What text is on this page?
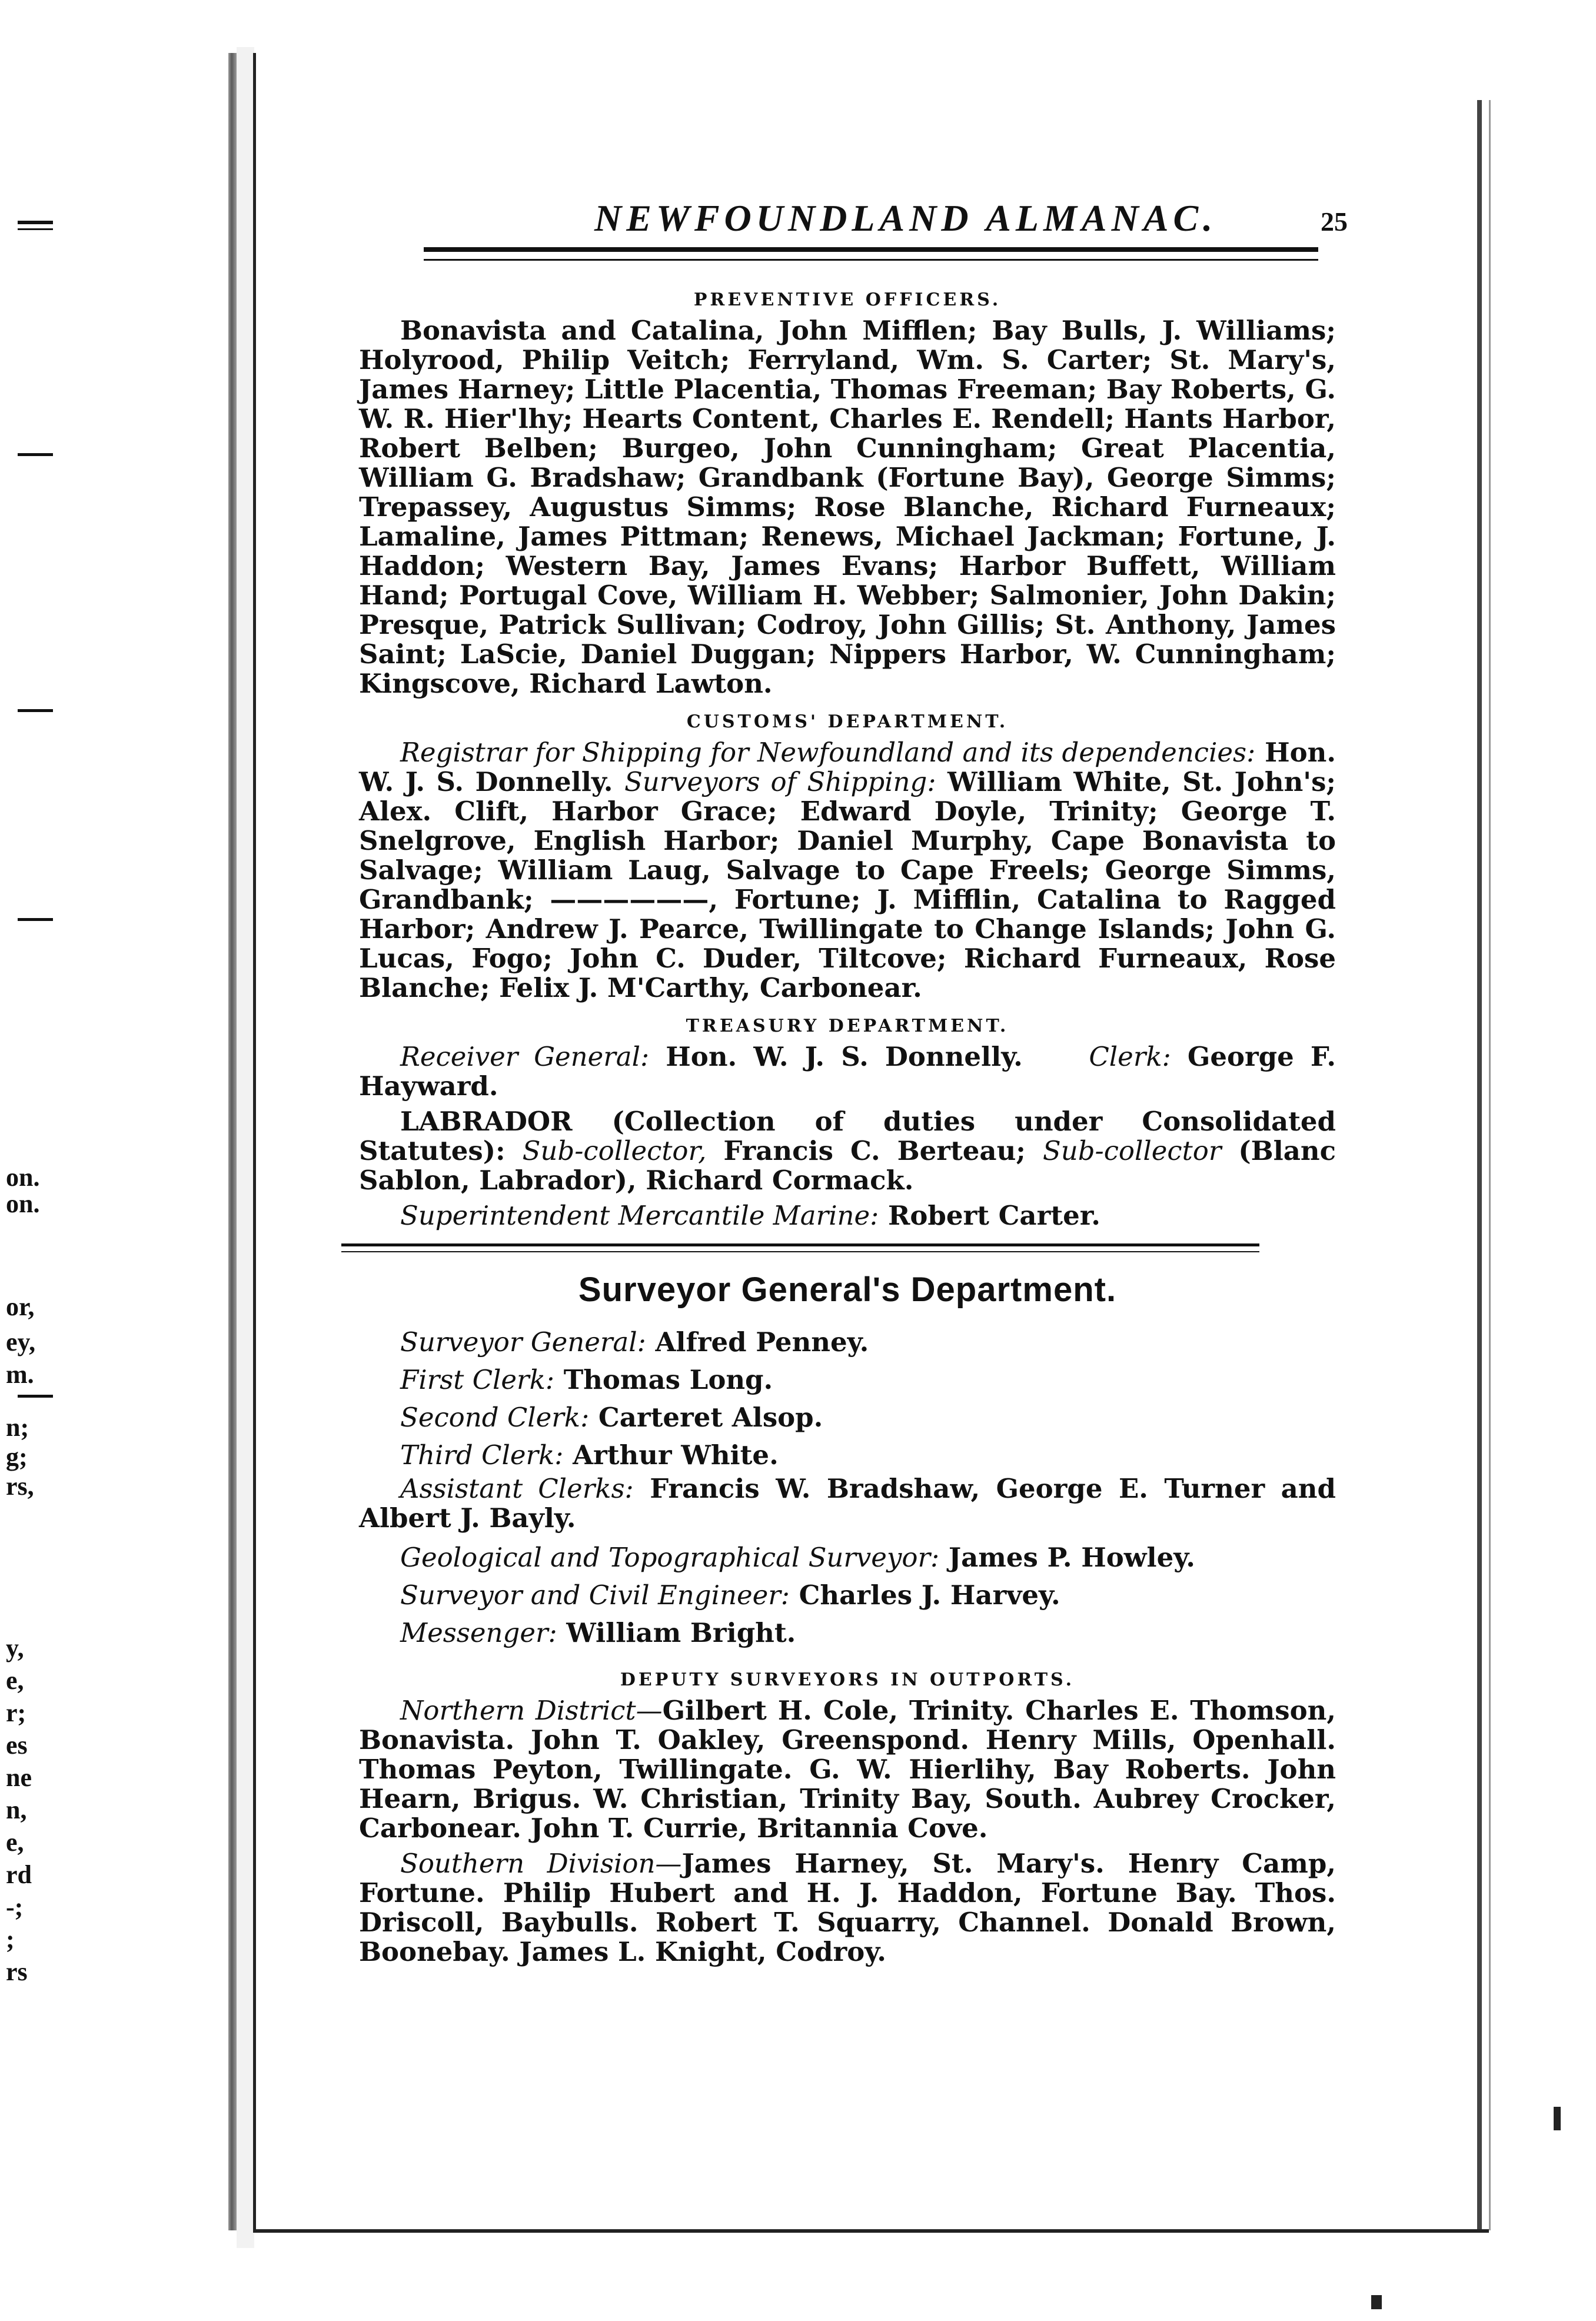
on.
on.
or,
ey,
m.
n;
g;
rs,
y,
e,
r;
es
ne
n,
e,
rd
-;
;
rs
NEWFOUNDLAND ALMANAC.	25
PREVENTIVE OFFICERS.

Bonavista and Catalina, John Mifflen; Bay Bulls, J. Williams; Holyrood, Philip Veitch; Ferryland, Wm. S. Carter; St. Mary's, James Harney; Little Placentia, Thomas Freeman; Bay Roberts, G. W. R. Hier'lhy; Hearts Content, Charles E. Rendell; Hants Harbor, Robert Belben; Burgeo, John Cunningham; Great Placentia, William G. Bradshaw; Grandbank (Fortune Bay), George Simms; Trepassey, Augustus Simms; Rose Blanche, Richard Furneaux; Lamaline, James Pittman; Renews, Michael Jackman; Fortune, J. Haddon; Western Bay, James Evans; Harbor Buffett, William Hand; Portugal Cove, William H. Webber; Salmonier, John Dakin; Presque, Patrick Sullivan; Codroy, John Gillis; St. Anthony, James Saint; LaScie, Daniel Duggan; Nippers Harbor, W. Cunningham; Kingscove, Richard Lawton.

CUSTOMS' DEPARTMENT.

Registrar for Shipping for Newfoundland and its dependencies: Hon. W. J. S. Donnelly. Surveyors of Shipping: William White, St. John's; Alex. Clift, Harbor Grace; Edward Doyle, Trinity; George T. Snelgrove, English Harbor; Daniel Murphy, Cape Bonavista to Salvage; William Laug, Salvage to Cape Freels; George Simms, Grandbank; ——————, Fortune; J. Mifflin, Catalina to Ragged Harbor; Andrew J. Pearce, Twillingate to Change Islands; John G. Lucas, Fogo; John C. Duder, Tiltcove; Richard Furneaux, Rose Blanche; Felix J. M'Carthy, Carbonear.

TREASURY DEPARTMENT.

Receiver General: Hon. W. J. S. Donnelly.	Clerk: George F. Hayward.

LABRADOR (Collection of duties under Consolidated Statutes): Sub-collector, Francis C. Berteau; Sub-collector (Blanc Sablon, Labrador), Richard Cormack.

Superintendent Mercantile Marine: Robert Carter.

Surveyor General's Department.

Surveyor General: Alfred Penney.

First Clerk: Thomas Long.

Second Clerk: Carteret Alsop.

Third Clerk: Arthur White.

Assistant Clerks: Francis W. Bradshaw, George E. Turner and Albert J. Bayly.

Geological and Topographical Surveyor: James P. Howley.

Surveyor and Civil Engineer: Charles J. Harvey.

Messenger: William Bright.

DEPUTY SURVEYORS IN OUTPORTS.

Northern District—Gilbert H. Cole, Trinity. Charles E. Thomson, Bonavista. John T. Oakley, Greenspond. Henry Mills, Openhall. Thomas Peyton, Twillingate. G. W. Hierlihy, Bay Roberts. John Hearn, Brigus. W. Christian, Trinity Bay, South. Aubrey Crocker, Carbonear. John T. Currie, Britannia Cove.

Southern Division—James Harney, St. Mary's. Henry Camp, Fortune. Philip Hubert and H. J. Haddon, Fortune Bay. Thos. Driscoll, Baybulls. Robert T. Squarry, Channel. Donald Brown, Boonebay. James L. Knight, Codroy.
